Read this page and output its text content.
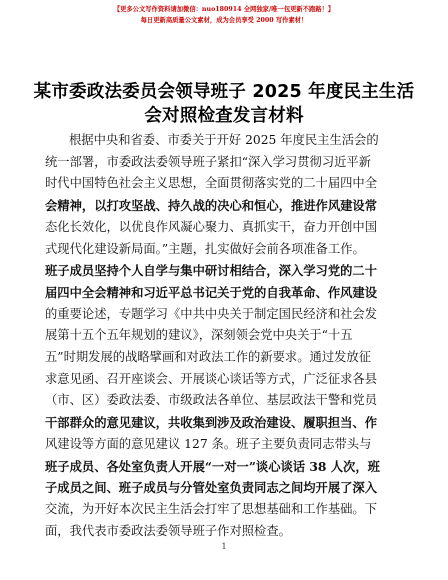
【更多公文写作资料请加微信：nuo180914 全网独家/唯一包更新不跑路！】
每日更新高质量公文素材，成为会员享受 2000 写作素材！
某市委政法委员会领导班子 2025 年度民主生活
会对照检查发言材料
根据中央和省委、市委关于开好 2025 年度民主生活会的
统一部署，市委政法委领导班子紧扣“深入学习贯彻习近平新
时代中国特色社会主义思想，全面贯彻落实党的二十届四中全
会精神，以打攻坚战、持久战的决心和恒心，推进作风建设常
态化长效化，以优良作风凝心聚力、真抓实干，奋力开创中国
式现代化建设新局面。”主题，扎实做好会前各项准备工作。
班子成员坚持个人自学与集中研讨相结合，深入学习党的二十
届四中全会精神和习近平总书记关于党的自我革命、作风建设
的重要论述，专题学习《中共中央关于制定国民经济和社会发
展第十五个五年规划的建议》，深刻领会党中央关于“十五
五”时期发展的战略擘画和对政法工作的新要求。通过发放征
求意见函、召开座谈会、开展谈心谈话等方式，广泛征求各县
（市、区）委政法委、市级政法各单位、基层政法干警和党员
干部群众的意见建议，共收集到涉及政治建设、履职担当、作
风建设等方面的意见建议 127 条。班子主要负责同志带头与
班子成员、各处室负责人开展“一对一”谈心谈话 38 人次，班
子成员之间、班子成员与分管处室负责同志之间均开展了深入
交流，为开好本次民主生活会打牢了思想基础和工作基础。下
面，我代表市委政法委领导班子作对照检查。
1
